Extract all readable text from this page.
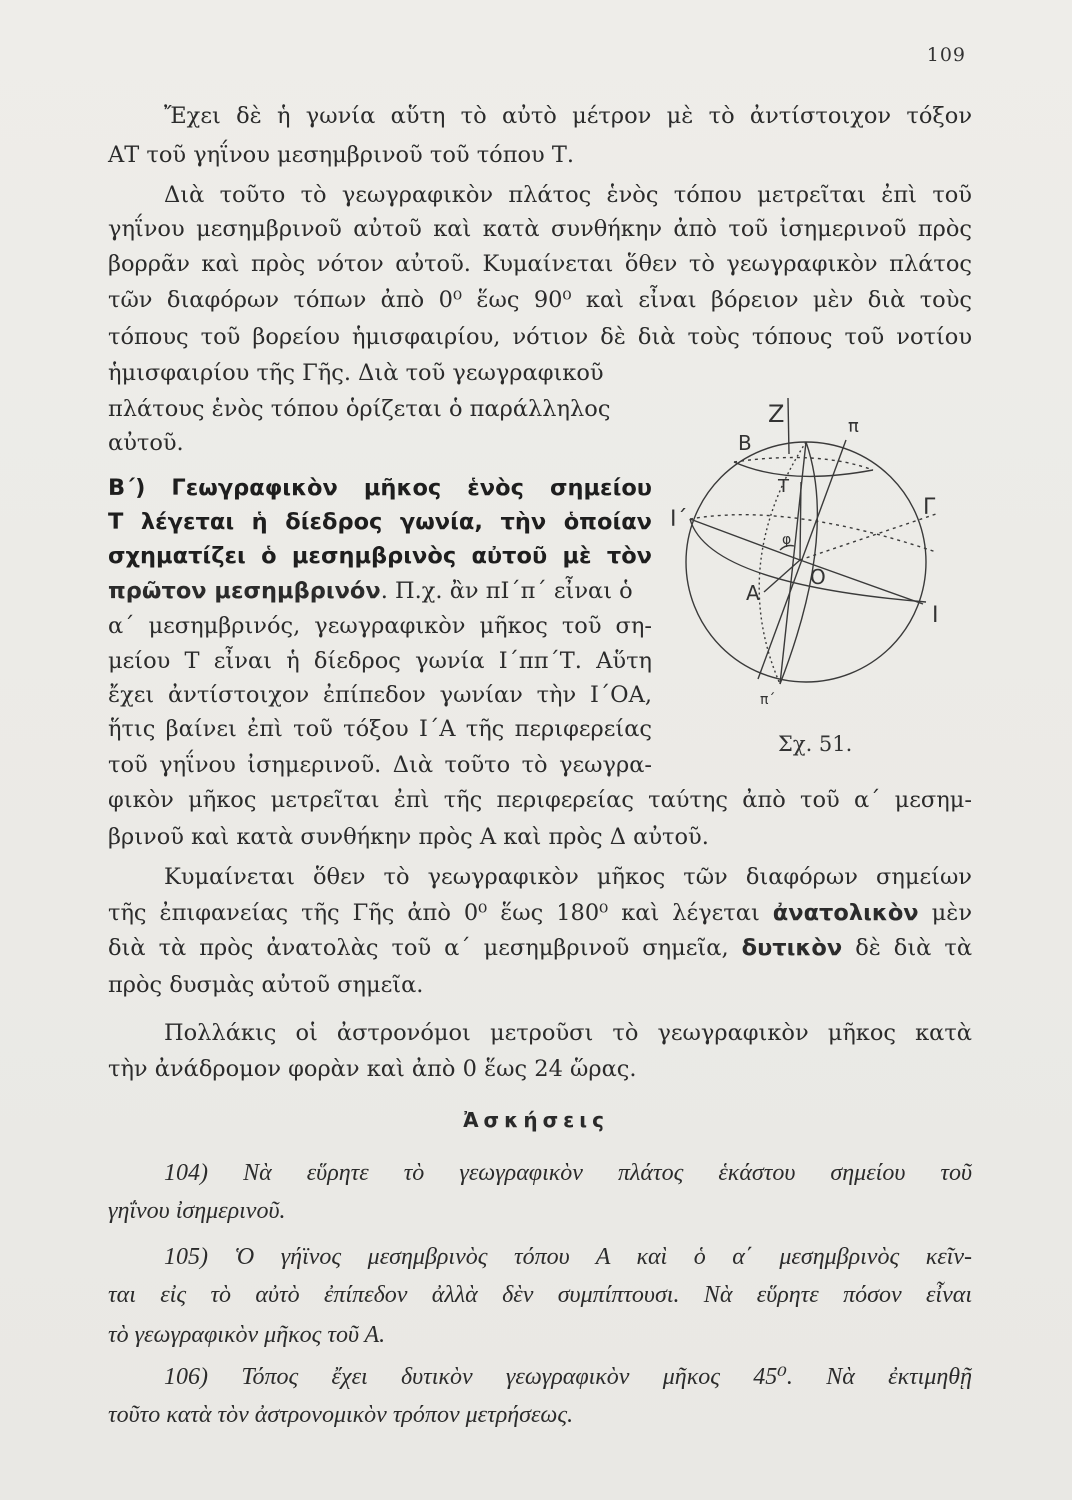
109
Ἔχει δὲ ἡ γωνία αὕτη τὸ αὐτὸ μέτρον μὲ τὸ ἀντίστοιχον τόξον
ΑΤ τοῦ γηΐνου μεσημβρινοῦ τοῦ τόπου Τ.
Διὰ τοῦτο τὸ γεωγραφικὸν πλάτος ἑνὸς τόπου μετρεῖται ἐπὶ τοῦ
γηΐνου μεσημβρινοῦ αὐτοῦ καὶ κατὰ συνθήκην ἀπὸ τοῦ ἰσημερινοῦ πρὸς
βορρᾶν καὶ πρὸς νότον αὐτοῦ. Κυμαίνεται ὅθεν τὸ γεωγραφικὸν πλάτος
τῶν διαφόρων τόπων ἀπὸ 0⁰ ἕως 90⁰ καὶ εἶναι βόρειον μὲν διὰ τοὺς
τόπους τοῦ βορείου ἡμισφαιρίου, νότιον δὲ διὰ τοὺς τόπους τοῦ νοτίου
ἡμισφαιρίου τῆς Γῆς. Διὰ τοῦ γεωγραφικοῦ
πλάτους ἑνὸς τόπου ὁρίζεται ὁ παράλληλος
αὐτοῦ.
Β΄) Γεωγραφικὸν μῆκος ἑνὸς σημείου
Τ λέγεται ἡ δίεδρος γωνία, τὴν ὁποίαν
σχηματίζει ὁ μεσημβρινὸς αὐτοῦ μὲ τὸν
πρῶτον μεσημβρινόν. Π.χ. ἂν πΙ΄π΄ εἶναι ὁ
α΄ μεσημβρινός, γεωγραφικὸν μῆκος τοῦ ση-
μείου Τ εἶναι ἡ δίεδρος γωνία Ι΄ππ΄Τ. Αὕτη
ἔχει ἀντίστοιχον ἐπίπεδον γωνίαν τὴν Ι΄ΟΑ,
ἥτις βαίνει ἐπὶ τοῦ τόξου Ι΄Α τῆς περιφερείας
τοῦ γηΐνου ἰσημερινοῦ. Διὰ τοῦτο τὸ γεωγρα-
φικὸν μῆκος μετρεῖται ἐπὶ τῆς περιφερείας ταύτης ἀπὸ τοῦ α΄ μεσημ-
βρινοῦ καὶ κατὰ συνθήκην πρὸς Α καὶ πρὸς Δ αὐτοῦ.
Κυμαίνεται ὅθεν τὸ γεωγραφικὸν μῆκος τῶν διαφόρων σημείων
τῆς ἐπιφανείας τῆς Γῆς ἀπὸ 0⁰ ἕως 180⁰ καὶ λέγεται ἀνατολικὸν μὲν
διὰ τὰ πρὸς ἀνατολὰς τοῦ α΄ μεσημβρινοῦ σημεῖα, δυτικὸν δὲ διὰ τὰ
πρὸς δυσμὰς αὐτοῦ σημεῖα.
Πολλάκις οἱ ἀστρονόμοι μετροῦσι τὸ γεωγραφικὸν μῆκος κατὰ
τὴν ἀνάδρομον φορὰν καὶ ἀπὸ 0 ἕως 24 ὥρας.
Ἀσκήσεις
104) Νὰ εὕρητε τὸ γεωγραφικὸν πλάτος ἑκάστου σημείου τοῦ
γηΐνου ἰσημερινοῦ.
105) Ὁ γήϊνος μεσημβρινὸς τόπου Α καὶ ὁ α΄ μεσημβρινὸς κεῖν-
ται εἰς τὸ αὐτὸ ἐπίπεδον ἀλλὰ δὲν συμπίπτουσι. Νὰ εὕρητε πόσον εἶναι
τὸ γεωγραφικὸν μῆκος τοῦ Α.
106) Τόπος ἔχει δυτικὸν γεωγραφικὸν μῆκος 45⁰. Νὰ ἐκτιμηθῇ
τοῦτο κατὰ τὸν ἀστρονομικὸν τρόπον μετρήσεως.
Z	π
B
T
Γ
Ι΄
φ
O
A
I
π΄
Σχ. 51.
